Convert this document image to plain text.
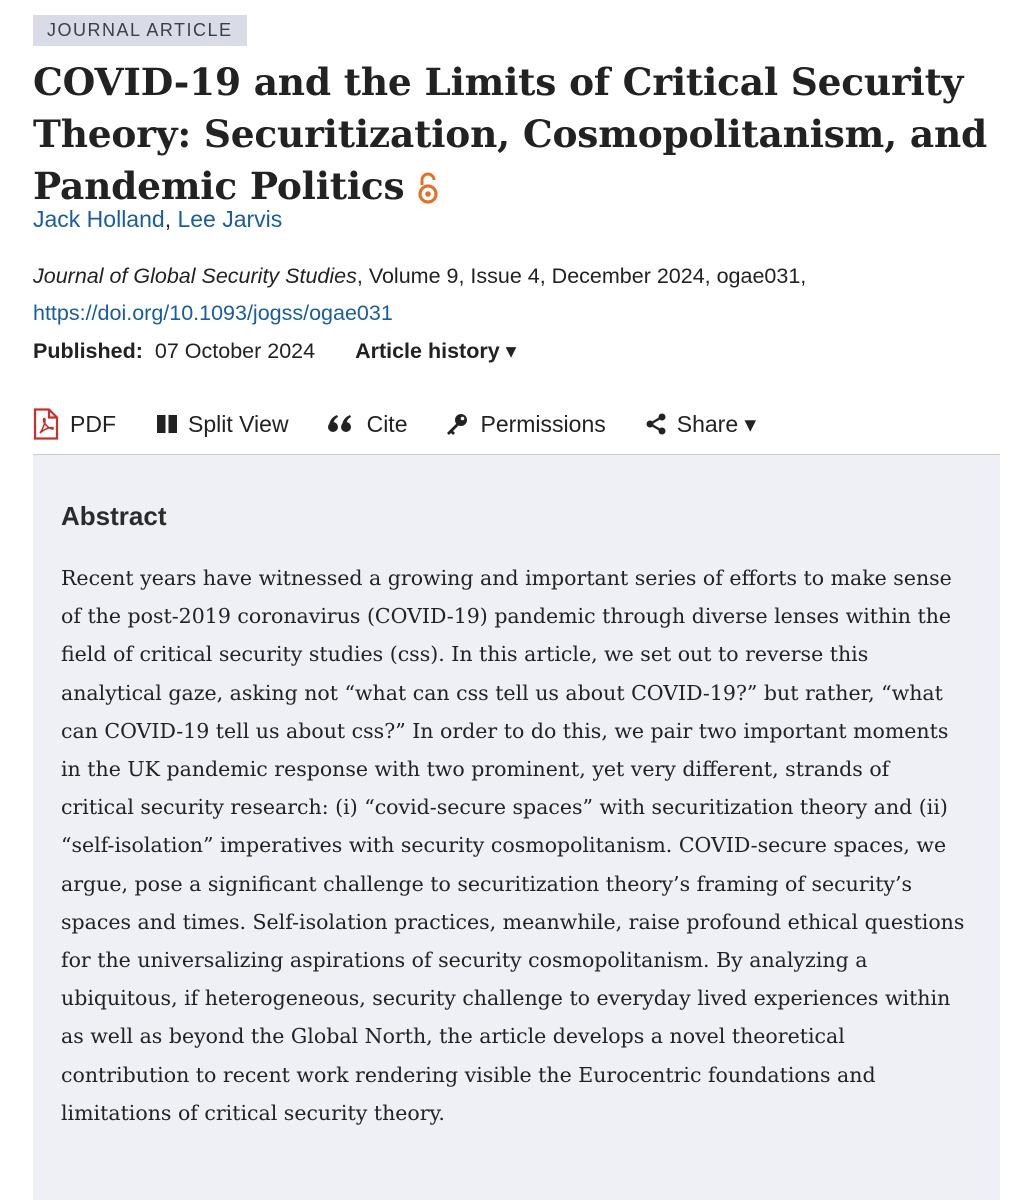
JOURNAL ARTICLE
COVID-19 and the Limits of Critical Security Theory: Securitization, Cosmopolitanism, and Pandemic Politics
Jack Holland, Lee Jarvis
Journal of Global Security Studies, Volume 9, Issue 4, December 2024, ogae031,
https://doi.org/10.1093/jogss/ogae031
Published: 07 October 2024 Article history ▾
PDF	Split View	Cite	Permissions	Share ▾
Abstract

Recent years have witnessed a growing and important series of efforts to make sense of the post-2019 coronavirus (COVID-19) pandemic through diverse lenses within the field of critical security studies (css). In this article, we set out to reverse this analytical gaze, asking not “what can css tell us about COVID-19?” but rather, “what can COVID-19 tell us about css?” In order to do this, we pair two important moments in the UK pandemic response with two prominent, yet very different, strands of critical security research: (i) “covid-secure spaces” with securitization theory and (ii) “self-isolation” imperatives with security cosmopolitanism. COVID-secure spaces, we argue, pose a significant challenge to securitization theory’s framing of security’s spaces and times. Self-isolation practices, meanwhile, raise profound ethical questions for the universalizing aspirations of security cosmopolitanism. By analyzing a ubiquitous, if heterogeneous, security challenge to everyday lived experiences within as well as beyond the Global North, the article develops a novel theoretical contribution to recent work rendering visible the Eurocentric foundations and limitations of critical security theory.
